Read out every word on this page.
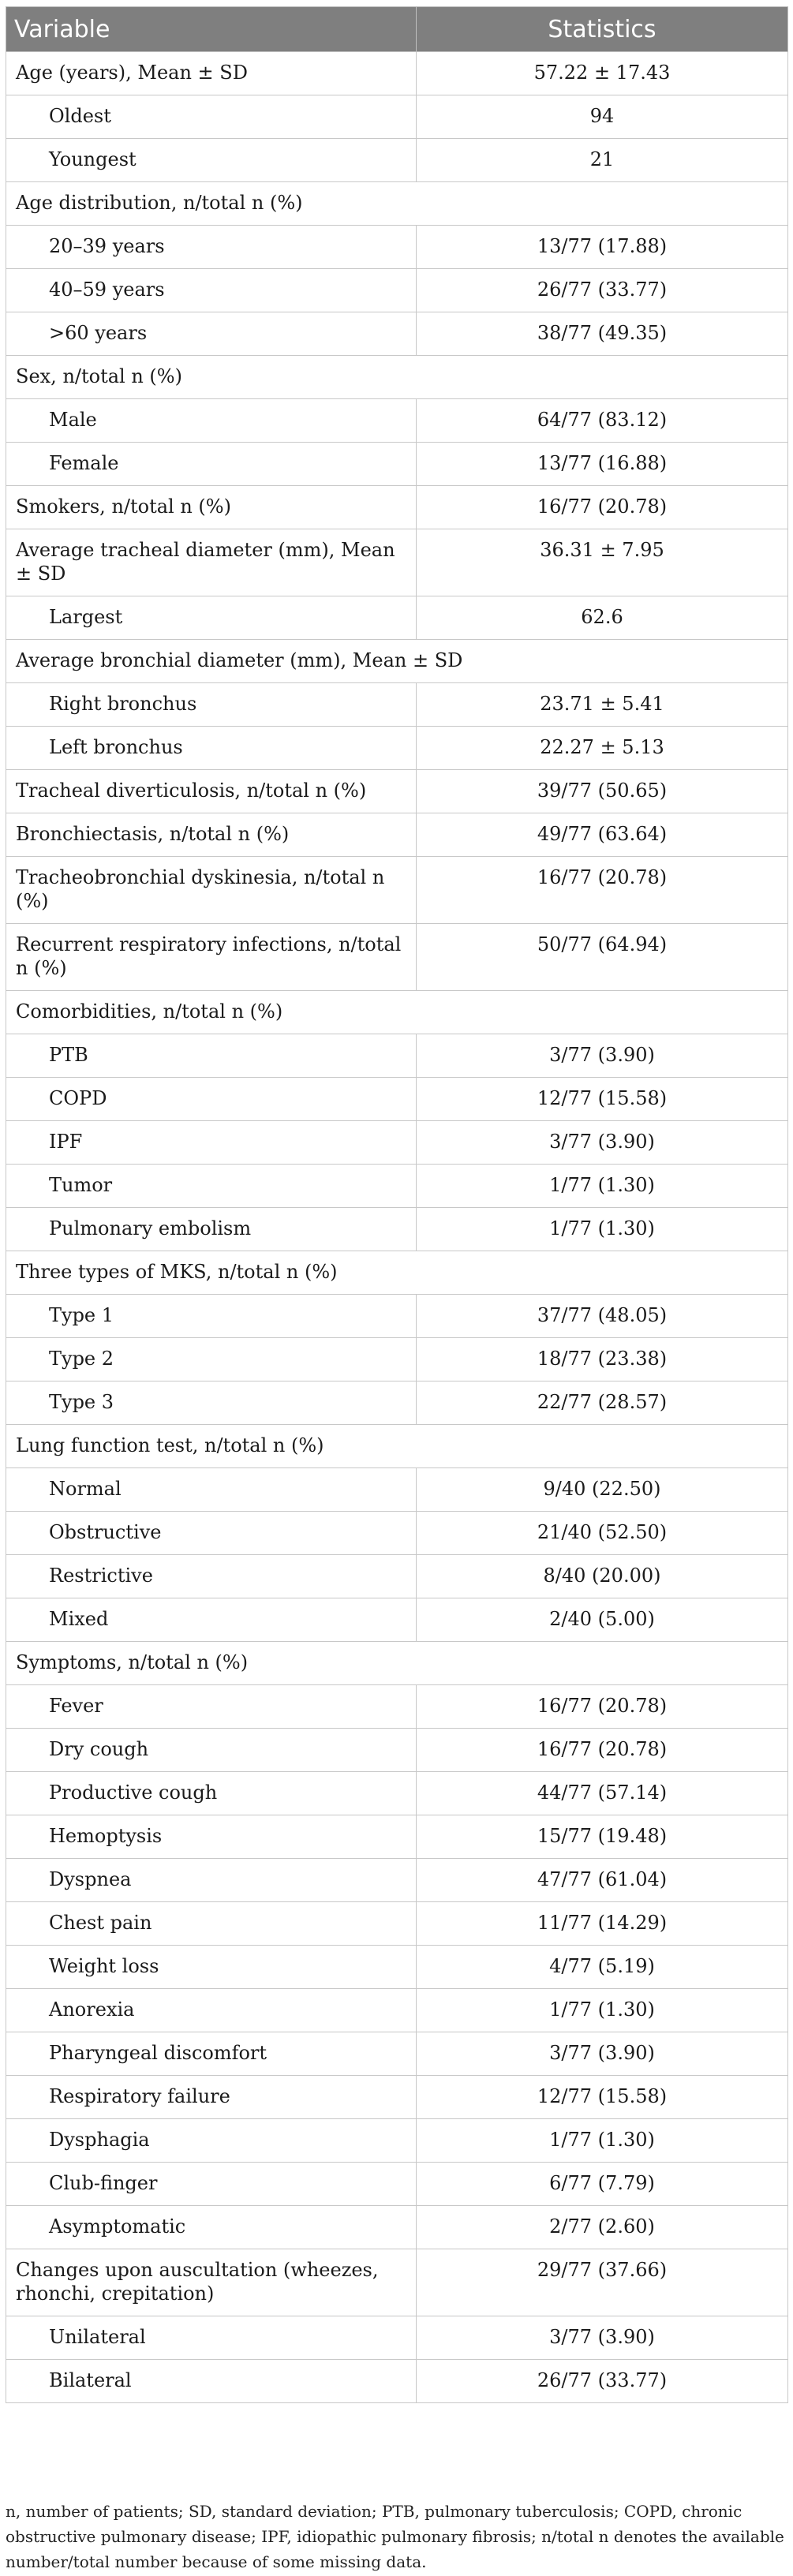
Variable	Statistics
Age (years), Mean ± SD	57.22 ± 17.43
Oldest	94
Youngest	21
Age distribution, n/total n (%)	
20–39 years	13/77 (17.88)
40–59 years	26/77 (33.77)
>60 years	38/77 (49.35)
Sex, n/total n (%)	
Male	64/77 (83.12)
Female	13/77 (16.88)
Smokers, n/total n (%)	16/77 (20.78)
Average tracheal diameter (mm), Mean ± SD	36.31 ± 7.95
Largest	62.6
Average bronchial diameter (mm), Mean ± SD	
Right bronchus	23.71 ± 5.41
Left bronchus	22.27 ± 5.13
Tracheal diverticulosis, n/total n (%)	39/77 (50.65)
Bronchiectasis, n/total n (%)	49/77 (63.64)
Tracheobronchial dyskinesia, n/total n (%)	16/77 (20.78)
Recurrent respiratory infections, n/total n (%)	50/77 (64.94)
Comorbidities, n/total n (%)	
PTB	3/77 (3.90)
COPD	12/77 (15.58)
IPF	3/77 (3.90)
Tumor	1/77 (1.30)
Pulmonary embolism	1/77 (1.30)
Three types of MKS, n/total n (%)	
Type 1	37/77 (48.05)
Type 2	18/77 (23.38)
Type 3	22/77 (28.57)
Lung function test, n/total n (%)	
Normal	9/40 (22.50)
Obstructive	21/40 (52.50)
Restrictive	8/40 (20.00)
Mixed	2/40 (5.00)
Symptoms, n/total n (%)	
Fever	16/77 (20.78)
Dry cough	16/77 (20.78)
Productive cough	44/77 (57.14)
Hemoptysis	15/77 (19.48)
Dyspnea	47/77 (61.04)
Chest pain	11/77 (14.29)
Weight loss	4/77 (5.19)
Anorexia	1/77 (1.30)
Pharyngeal discomfort	3/77 (3.90)
Respiratory failure	12/77 (15.58)
Dysphagia	1/77 (1.30)
Club-finger	6/77 (7.79)
Asymptomatic	2/77 (2.60)
Changes upon auscultation (wheezes, rhonchi, crepitation)	29/77 (37.66)
Unilateral	3/77 (3.90)
Bilateral	26/77 (33.77)
n, number of patients; SD, standard deviation; PTB, pulmonary tuberculosis; COPD, chronic obstructive pulmonary disease; IPF, idiopathic pulmonary fibrosis; n/total n denotes the available number/total number because of some missing data.
